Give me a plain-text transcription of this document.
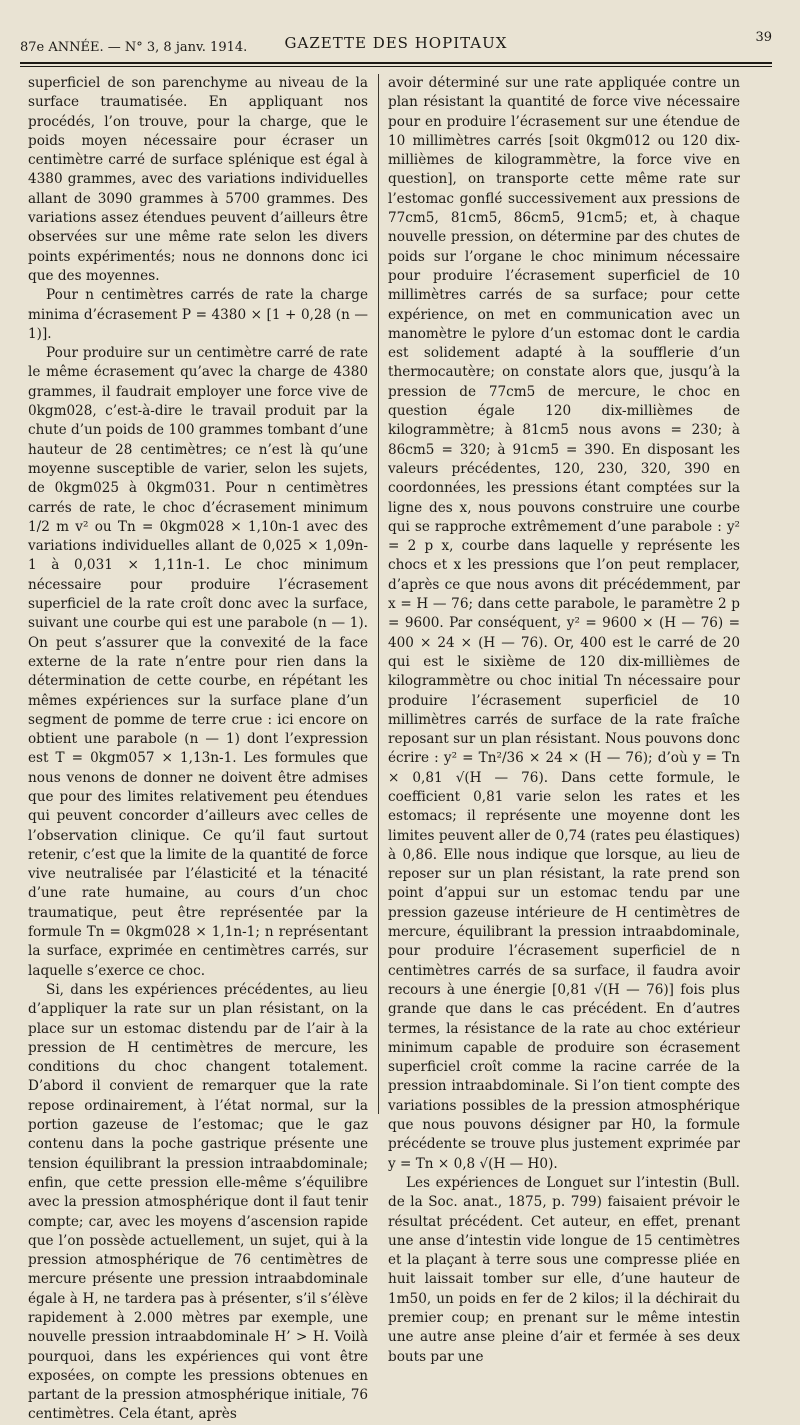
87e ANNÉE. — N° 3, 8 janv. 1914.	GAZETTE DES HOPITAUX	39

superficiel de son parenchyme au niveau de la surface traumatisée. En appliquant nos procédés, l’on trouve, pour la charge, que le poids moyen nécessaire pour écraser un centimètre carré de surface splénique est égal à 4380 grammes, avec des variations individuelles allant de 3090 grammes à 5700 grammes. Des variations assez étendues peuvent d’ailleurs être observées sur une même rate selon les divers points expérimentés; nous ne donnons donc ici que des moyennes.

Pour n centimètres carrés de rate la charge minima d’écrasement P = 4380 × [1 + 0,28 (n — 1)].

Pour produire sur un centimètre carré de rate le même écrasement qu’avec la charge de 4380 grammes, il faudrait employer une force vive de 0kgm028, c’est-à-dire le travail produit par la chute d’un poids de 100 grammes tombant d’une hauteur de 28 centimètres; ce n’est là qu’une moyenne susceptible de varier, selon les sujets, de 0kgm025 à 0kgm031. Pour n centimètres carrés de rate, le choc d’écrasement minimum 1/2 m v² ou Tn = 0kgm028 × 1,10n-1 avec des variations individuelles allant de 0,025 × 1,09n-1 à 0,031 × 1,11n-1. Le choc minimum nécessaire pour produire l’écrasement superficiel de la rate croît donc avec la surface, suivant une courbe qui est une parabole (n — 1). On peut s’assurer que la convexité de la face externe de la rate n’entre pour rien dans la détermination de cette courbe, en répétant les mêmes expériences sur la surface plane d’un segment de pomme de terre crue : ici encore on obtient une parabole (n — 1) dont l’expression est T = 0kgm057 × 1,13n-1. Les formules que nous venons de donner ne doivent être admises que pour des limites relativement peu étendues qui peuvent concorder d’ailleurs avec celles de l’observation clinique. Ce qu’il faut surtout retenir, c’est que la limite de la quantité de force vive neutralisée par l’élasticité et la ténacité d’une rate humaine, au cours d’un choc traumatique, peut être représentée par la formule Tn = 0kgm028 × 1,1n-1; n représentant la surface, exprimée en centimètres carrés, sur laquelle s’exerce ce choc.

Si, dans les expériences précédentes, au lieu d’appliquer la rate sur un plan résistant, on la place sur un estomac distendu par de l’air à la pression de H centimètres de mercure, les conditions du choc changent totalement. D’abord il convient de remarquer que la rate repose ordinairement, à l’état normal, sur la portion gazeuse de l’estomac; que le gaz contenu dans la poche gastrique présente une tension équilibrant la pression intraabdominale; enfin, que cette pression elle-même s’équilibre avec la pression atmosphérique dont il faut tenir compte; car, avec les moyens d’ascension rapide que l’on possède actuellement, un sujet, qui à la pression atmosphérique de 76 centimètres de mercure présente une pression intraabdominale égale à H, ne tardera pas à présenter, s’il s’élève rapidement à 2.000 mètres par exemple, une nouvelle pression intraabdominale H’ > H. Voilà pourquoi, dans les expériences qui vont être exposées, on compte les pressions obtenues en partant de la pression atmosphérique initiale, 76 centimètres. Cela étant, après

avoir déterminé sur une rate appliquée contre un plan résistant la quantité de force vive nécessaire pour en produire l’écrasement sur une étendue de 10 millimètres carrés [soit 0kgm012 ou 120 dix-millièmes de kilogrammètre, la force vive en question], on transporte cette même rate sur l’estomac gonflé successivement aux pressions de 77cm5, 81cm5, 86cm5, 91cm5; et, à chaque nouvelle pression, on détermine par des chutes de poids sur l’organe le choc minimum nécessaire pour produire l’écrasement superficiel de 10 millimètres carrés de sa surface; pour cette expérience, on met en communication avec un manomètre le pylore d’un estomac dont le cardia est solidement adapté à la soufflerie d’un thermocautère; on constate alors que, jusqu’à la pression de 77cm5 de mercure, le choc en question égale 120 dix-millièmes de kilogrammètre; à 81cm5 nous avons = 230; à 86cm5 = 320; à 91cm5 = 390. En disposant les valeurs précédentes, 120, 230, 320, 390 en coordonnées, les pressions étant comptées sur la ligne des x, nous pouvons construire une courbe qui se rapproche extrêmement d’une parabole : y² = 2 p x, courbe dans laquelle y représente les chocs et x les pressions que l’on peut remplacer, d’après ce que nous avons dit précédemment, par x = H — 76; dans cette parabole, le paramètre 2 p = 9600. Par conséquent, y² = 9600 × (H — 76) = 400 × 24 × (H — 76). Or, 400 est le carré de 20 qui est le sixième de 120 dix-millièmes de kilogrammètre ou choc initial Tn nécessaire pour produire l’écrasement superficiel de 10 millimètres carrés de surface de la rate fraîche reposant sur un plan résistant. Nous pouvons donc écrire : y² = Tn²/36 × 24 × (H — 76); d’où y = Tn × 0,81 √(H — 76). Dans cette formule, le coefficient 0,81 varie selon les rates et les estomacs; il représente une moyenne dont les limites peuvent aller de 0,74 (rates peu élastiques) à 0,86. Elle nous indique que lorsque, au lieu de reposer sur un plan résistant, la rate prend son point d’appui sur un estomac tendu par une pression gazeuse intérieure de H centimètres de mercure, équilibrant la pression intraabdominale, pour produire l’écrasement superficiel de n centimètres carrés de sa surface, il faudra avoir recours à une énergie [0,81 √(H — 76)] fois plus grande que dans le cas précédent. En d’autres termes, la résistance de la rate au choc extérieur minimum capable de produire son écrasement superficiel croît comme la racine carrée de la pression intraabdominale. Si l’on tient compte des variations possibles de la pression atmosphérique que nous pouvons désigner par H0, la formule précédente se trouve plus justement exprimée par y = Tn × 0,8 √(H — H0).

Les expériences de Longuet sur l’intestin (Bull. de la Soc. anat., 1875, p. 799) faisaient prévoir le résultat précédent. Cet auteur, en effet, prenant une anse d’intestin vide longue de 15 centimètres et la plaçant à terre sous une compresse pliée en huit laissait tomber sur elle, d’une hauteur de 1m50, un poids en fer de 2 kilos; il la déchirait du premier coup; en prenant sur le même intestin une autre anse pleine d’air et fermée à ses deux bouts par une
